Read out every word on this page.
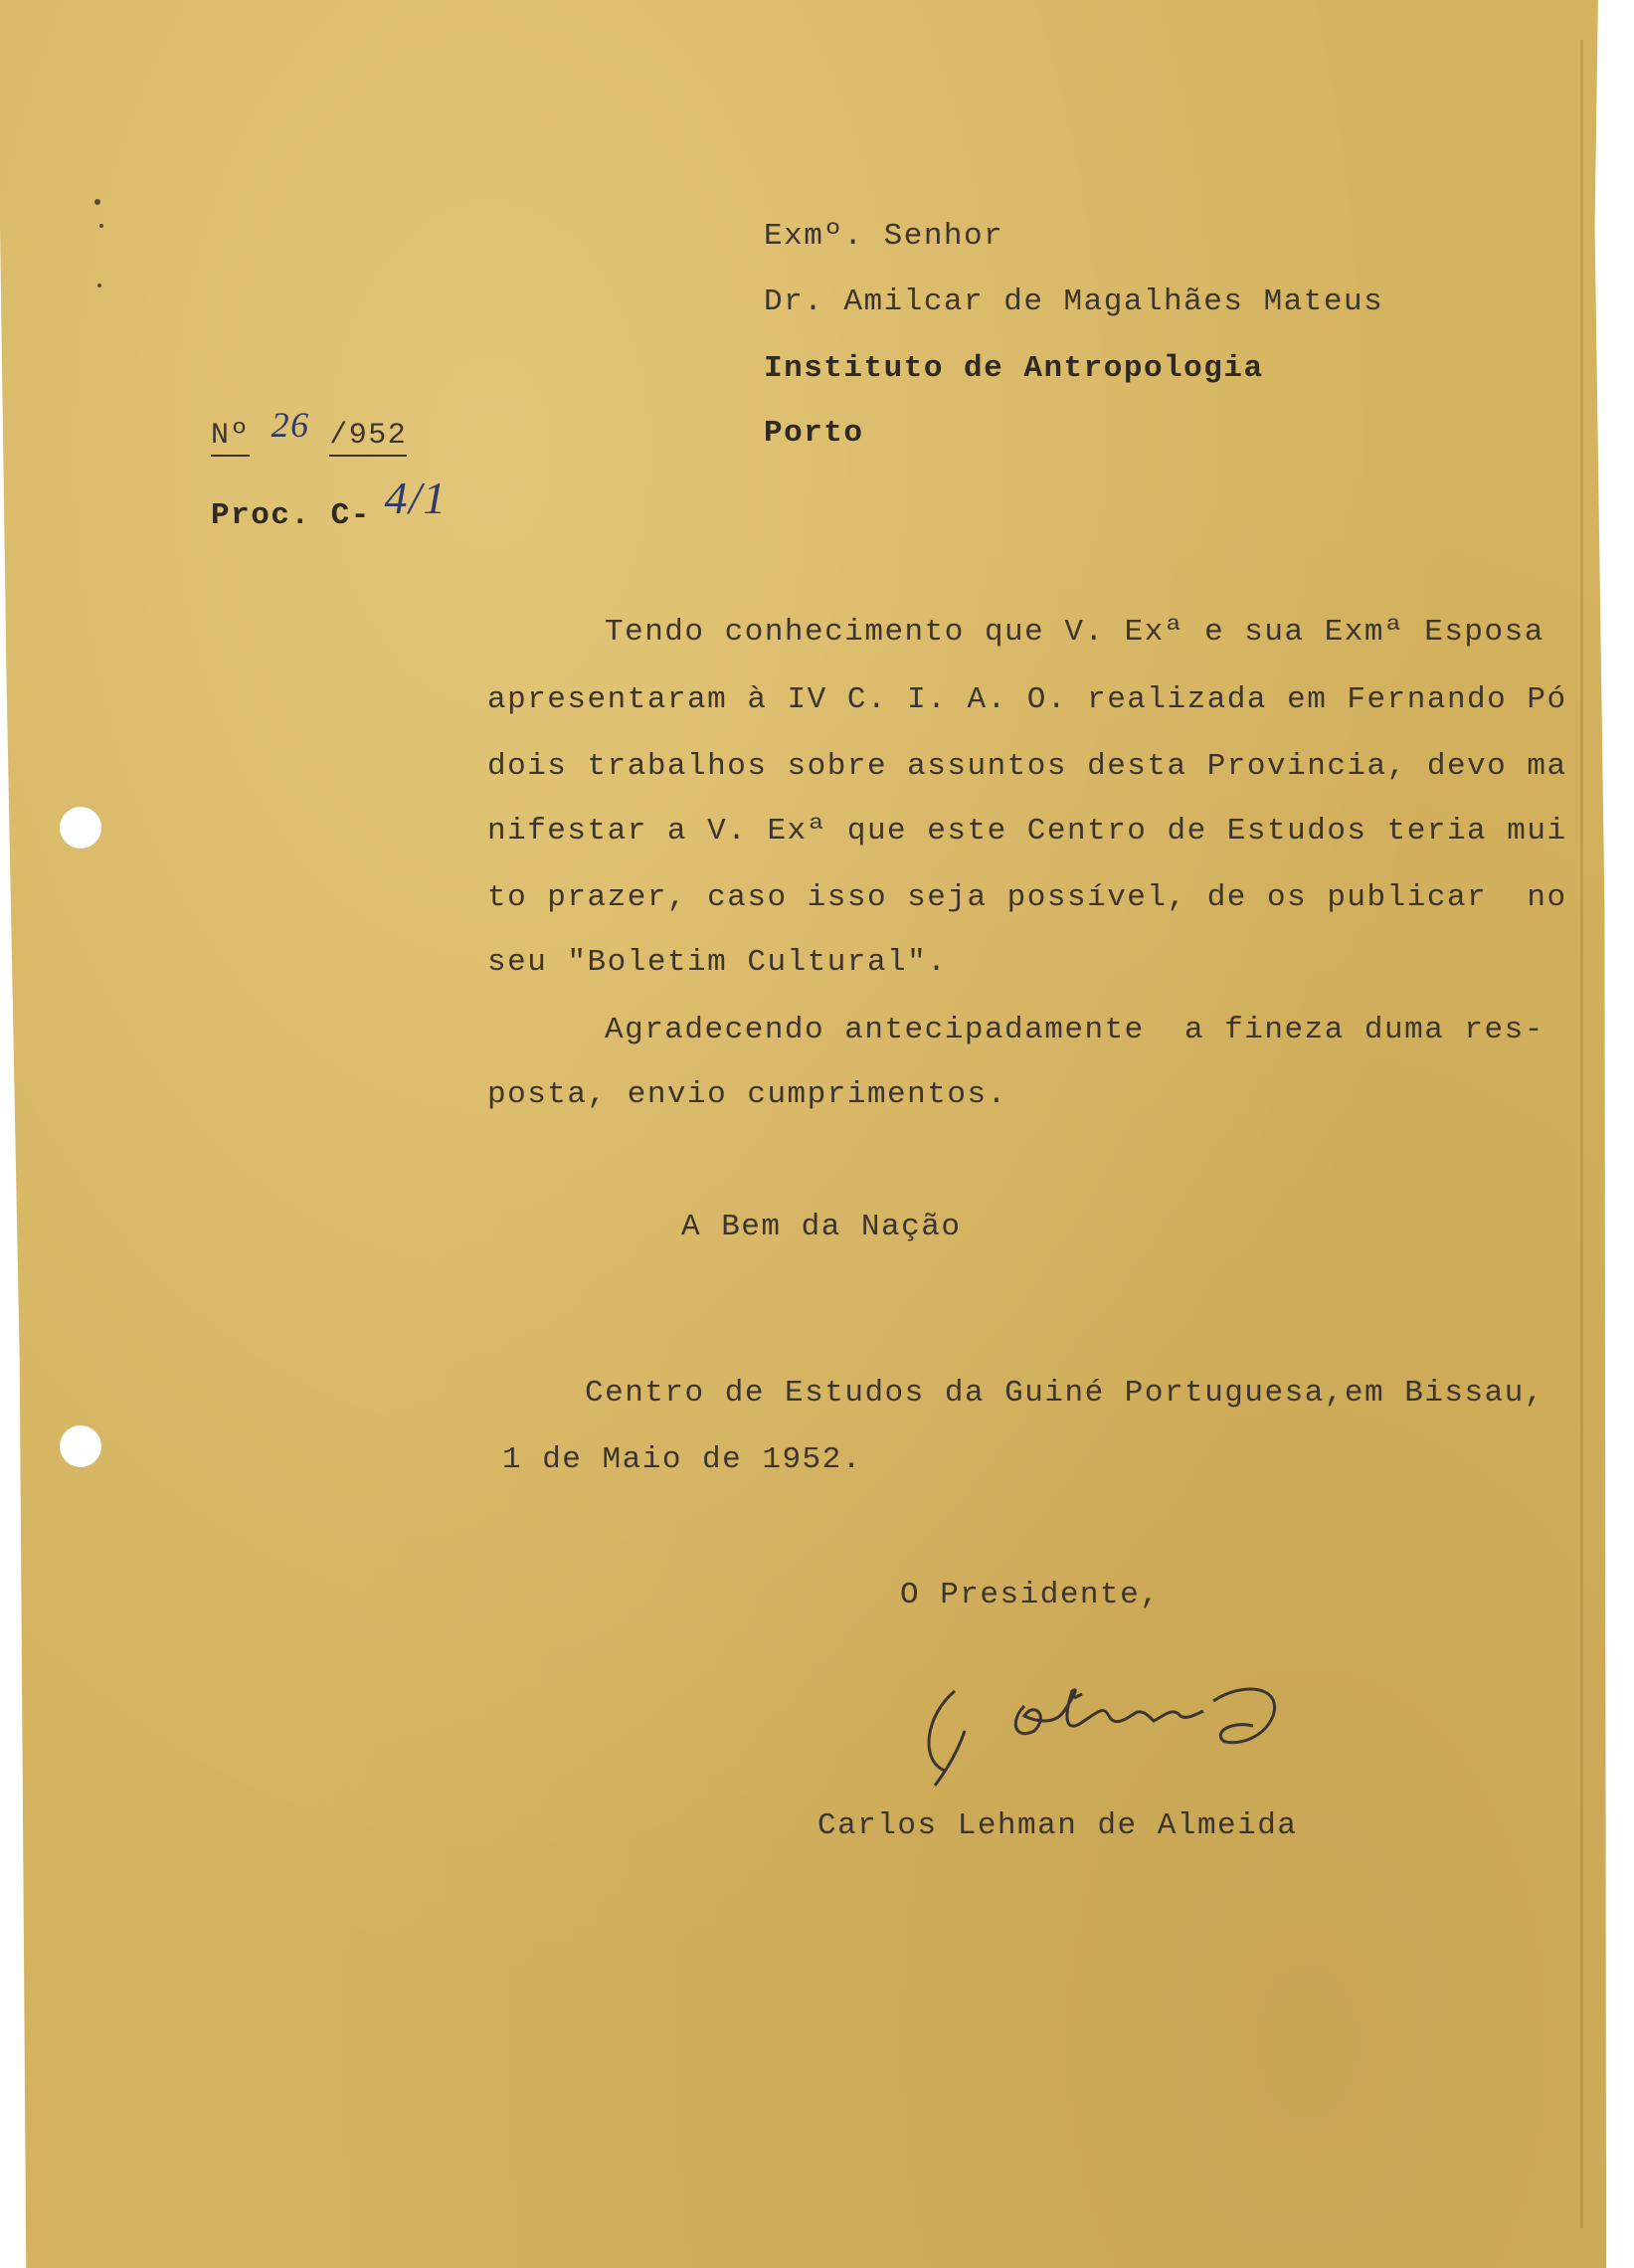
Exmº. Senhor
Dr. Amilcar de Magalhães Mateus
Instituto de Antropologia
Porto
Nº 26 /952
Proc. C- 4/1
Tendo conhecimento que V. Exª e sua Exmª Esposa
apresentaram à IV C. I. A. O. realizada em Fernando Pó
dois trabalhos sobre assuntos desta Provincia, devo ma
nifestar a V. Exª que este Centro de Estudos teria mui
to prazer, caso isso seja possível, de os publicar  no
seu "Boletim Cultural".
Agradecendo antecipadamente  a fineza duma res-
posta, envio cumprimentos.
A Bem da Nação
Centro de Estudos da Guiné Portuguesa,em Bissau,
1 de Maio de 1952.
O Presidente,
Carlos Lehman de Almeida
